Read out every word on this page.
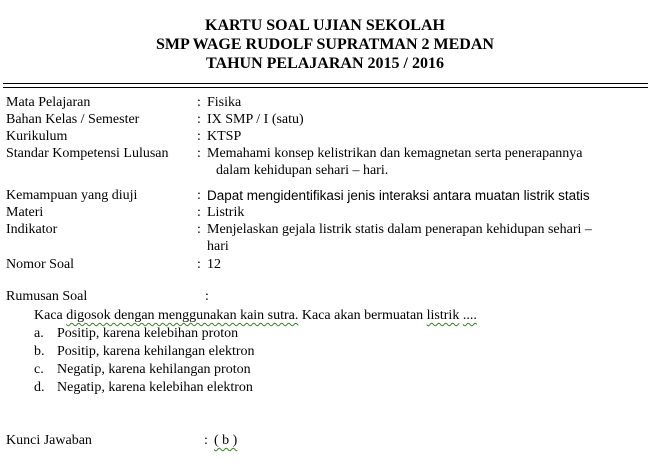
KARTU SOAL UJIAN SEKOLAH
SMP WAGE RUDOLF SUPRATMAN 2 MEDAN
TAHUN PELAJARAN 2015 / 2016
Mata Pelajaran	: Fisika
Bahan Kelas / Semester	: IX SMP / I (satu)
Kurikulum	: KTSP
Standar Kompetensi Lulusan : Memahami konsep kelistrikan dan kemagnetan serta penerapannya
dalam kehidupan sehari – hari.
Kemampuan yang diuji	: Dapat mengidentifikasi jenis interaksi antara muatan listrik statis
Materi	: Listrik
Indikator	: Menjelaskan gejala listrik statis dalam penerapan kehidupan sehari –
hari
Nomor Soal	: 12
Rumusan Soal	:
Kaca digosok dengan menggunakan kain sutra. Kaca akan bermuatan listrik ....
a. Positip, karena kelebihan proton
b. Positip, karena kehilangan elektron
c. Negatip, karena kehilangan proton
d. Negatip, karena kelebihan elektron
Kunci Jawaban	: ( b )
